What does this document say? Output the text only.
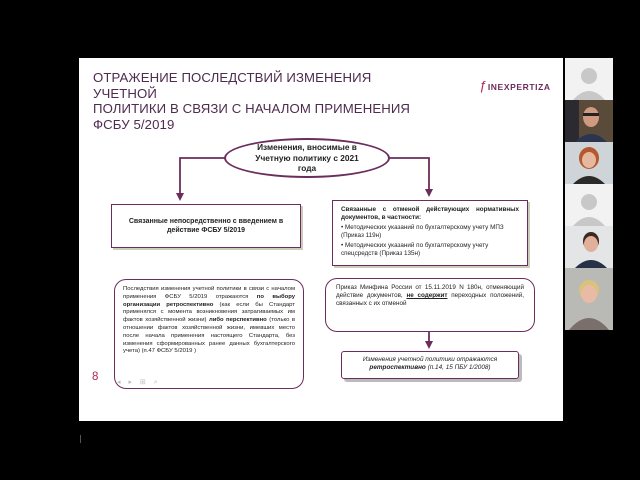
ОТРАЖЕНИЕ ПОСЛЕДСТВИЙ ИЗМЕНЕНИЯ УЧЕТНОЙ
ПОЛИТИКИ В СВЯЗИ С НАЧАЛОМ ПРИМЕНЕНИЯ
ФСБУ 5/2019
ƒINEXPERTIZA
Изменения, вносимые в Учетную политику с 2021 года
Связанные непосредственно с введением в действие ФСБУ 5/2019
Связанные с отменой действующих нормативных документов, в частности:
• Методических указаний по бухгалтерскому учету МПЗ (Приказ 119н)
• Методических указаний по бухгалтерскому учету спецсредств (Приказ 135н)
Последствия изменения учетной политики в связи с началом применения ФСБУ 5/2019 отражаются по выбору организации ретроспективно (как если бы Стандарт применялся с момента возникновения затрагиваемых им фактов хозяйственной жизни) либо перспективно (только в отношении фактов хозяйственной жизни, имевших место после начала применения настоящего Стандарта, без изменения сформированных ранее данных бухгалтерского учета) (п.47 ФСБУ 5/2019 )
Приказ Минфина России от 15.11.2019 N 180н, отменяющий действие документов, не содержит переходных положений, связанных с их отменой
Изменения учетной политики отражаются ретроспективно (п.14, 15 ПБУ 1/2008)
8	◂ ▸ ⊞ ⌕
